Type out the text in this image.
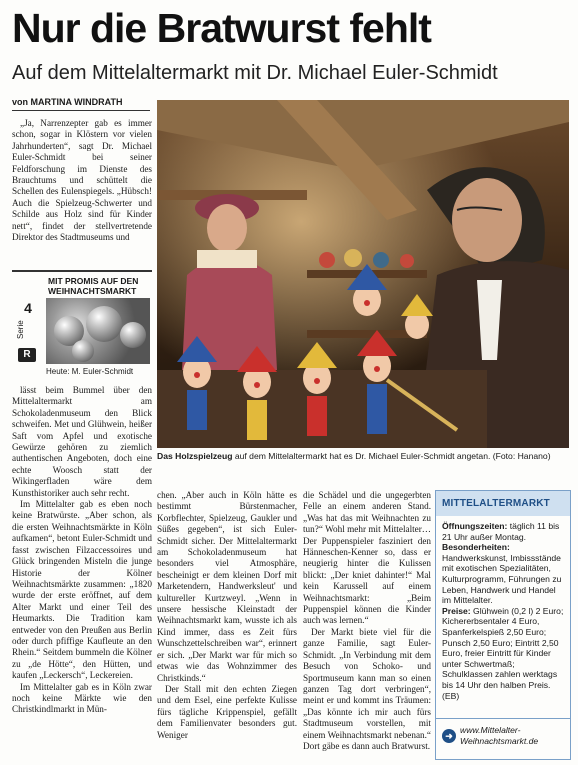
Nur die Bratwurst fehlt
Auf dem Mittelaltermarkt mit Dr. Michael Euler-Schmidt
von MARTINA WINDRATH

„Ja, Narrenzepter gab es immer schon, sogar in Klöstern vor vielen Jahrhunderten“, sagt Dr. Michael Euler-Schmidt bei seiner Feldforschung im Dienste des Brauchtums und schüttelt die Schellen des Eulenspiegels. „Hübsch! Auch die Spielzeug-Schwerter und Schilde aus Holz sind für Kinder nett“, findet der stellvertretende Direktor des Stadtmuseums und

MIT PROMIS AUF DEN WEIHNACHTSMARKT
4
Serie
R
Heute: M. Euler-Schmidt

lässt beim Bummel über den Mittelaltermarkt am Schokoladenmuseum den Blick schweifen. Met und Glühwein, heißer Saft vom Apfel und exotische Gewürze gehören zu ziemlich authentischen Angeboten, doch eine echte Woosch statt der Wikingerfladen wäre dem Kunsthistoriker auch sehr recht.

Im Mittelalter gab es eben noch keine Bratwürste. „Aber schon, als die ersten Weihnachtsmärkte in Köln aufkamen“, betont Euler-Schmidt und fasst zwischen Filzaccessoires und Glück bringenden Misteln die junge Historie der Kölner Weihnachtsmärkte zusammen: „1820 wurde der erste eröffnet, auf dem Alter Markt und einer Teil des Heumarkts. Die Tradition kam entweder von den Preußen aus Berlin oder durch pfiffige Kaufleute an den Rhein.“ Seitdem bummeln die Kölner zu „de Hötte“, den Hütten, und kaufen „Leckersch“, Leckereien.

Im Mittelalter gab es in Köln zwar noch keine Märkte wie den Christkindlmarkt in Mün-

Das Holzspielzeug auf dem Mittelaltermarkt hat es Dr. Michael Euler-Schmidt angetan. (Foto: Hanano)

chen. „Aber auch in Köln hätte es bestimmt Bürstenmacher, Korbflechter, Spielzeug, Gaukler und Süßes gegeben“, ist sich Euler-Schmidt sicher. Der Mittelaltermarkt am Schokoladenmuseum hat besonders viel Atmosphäre, bescheinigt er dem kleinen Dorf mit Marketendern, Handwerksleut' und kultureller Kurtzweyl. „Wenn in unsere hessische Kleinstadt der Weihnachtsmarkt kam, wusste ich als Kind immer, dass es Zeit fürs Wunschzettelschreiben war“, erinnert er sich. „Der Markt war für mich so etwas wie das Wohnzimmer des Christkinds.“

Der Stall mit den echten Ziegen und dem Esel, eine perfekte Kulisse fürs tägliche Krippenspiel, gefällt dem Familienvater besonders gut. Weniger

die Schädel und die ungegerbten Felle an einem anderen Stand. „Was hat das mit Weihnachten zu tun?“ Wohl mehr mit Mittelalter… Der Puppenspieler fasziniert den Hänneschen-Kenner so, dass er neugierig hinter die Kulissen blickt: „Der kniet dahinter!“ Mal kein Karussell auf einem Weihnachtsmarkt: „Beim Puppenspiel können die Kinder auch was lernen.“

Der Markt biete viel für die ganze Familie, sagt Euler-Schmidt. „In Verbindung mit dem Besuch von Schoko- und Sportmuseum kann man so einen ganzen Tag dort verbringen“, meint er und kommt ins Träumen: „Das könnte ich mir auch fürs Stadtmuseum vorstellen, mit einem Weihnachtsmarkt nebenan.“ Dort gäbe es dann auch Bratwurst.

MITTELALTERMARKT

Öffnungszeiten: täglich 11 bis 21 Uhr außer Montag.

Besonderheiten: Handwerkskunst, Imbissstände mit exotischen Spezialitäten, Kulturprogramm, Führungen zu Leben, Handwerk und Handel im Mittelalter.

Preise: Glühwein (0,2 l) 2 Euro; Kichererbsentaler 4 Euro, Spanferkelspieß 2,50 Euro; Punsch 2,50 Euro; Eintritt 2,50 Euro, freier Eintritt für Kinder unter Schwertmaß; Schulklassen zahlen werktags bis 14 Uhr den halben Preis. (EB)

➜
www.Mittelalter-Weihnachtsmarkt.de
